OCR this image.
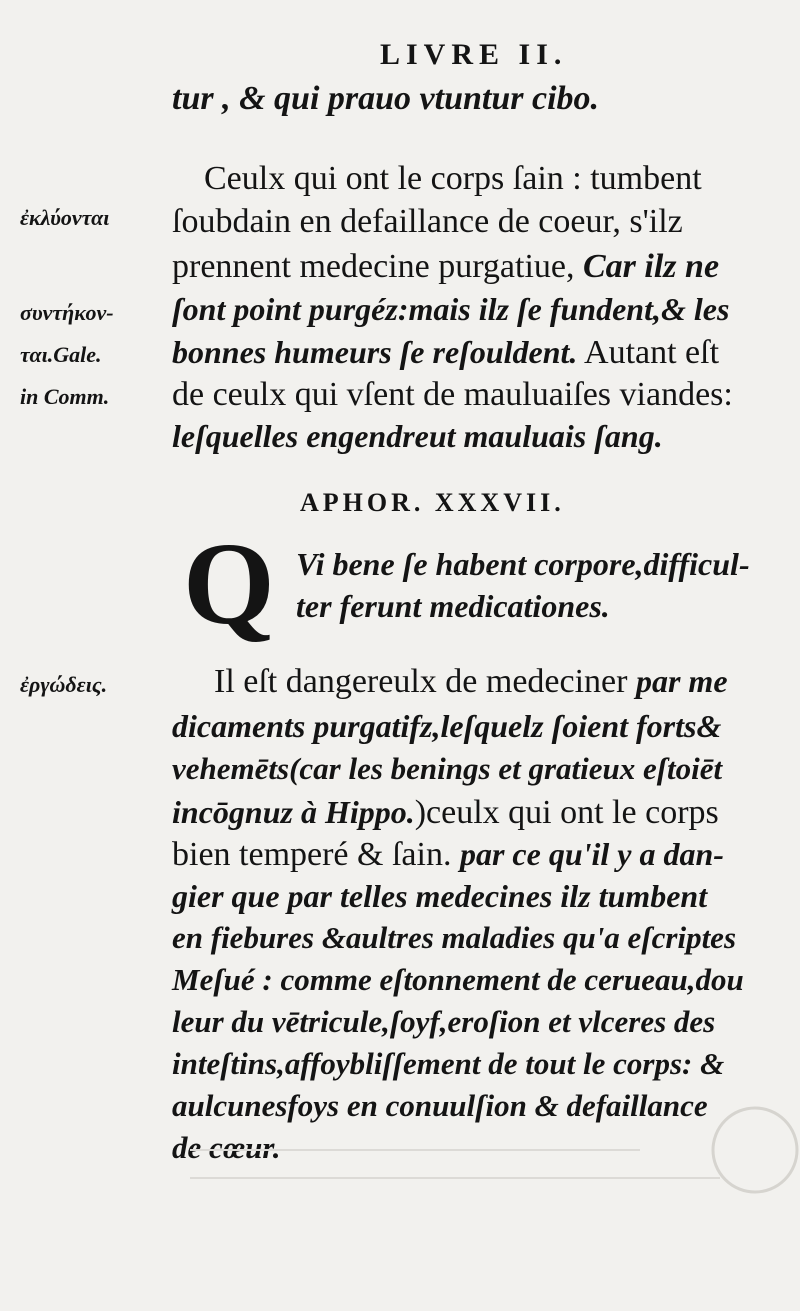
LIVRE II.
tur , & qui prauo vtuntur cibo.
Ceulx qui ont le corps ſain : tumbent
ἐκλύονται ſoubdain en defaillance de coeur, s'ilz
prennent medecine purgatiue, Car ilz ne
συντήκον- ſont point purgéz:mais ilz ſe fundent,& les
ται.Gale. bonnes humeurs ſe reſouldent. Autant eſt
in Comm. de ceulx qui vſent de mauluaiſes viandes:
leſquelles engendreut mauluais ſang.
APHOR. XXXVII.
Q Vi bene ſe habent corpore,difficul-
ter ferunt medicationes.
ἐργώδεις.	Il eſt dangereulx de medeciner par me
dicaments purgatifz,leſquelz ſoient forts&
vehemēts(car les benings et gratieux eſtoiēt
incōgnuz à Hippo.)ceulx qui ont le corps
bien temperé & ſain. par ce qu'il y a dan-
gier que par telles medecines ilz tumbent
en fiebures &aultres maladies qu'a eſcriptes
Meſué : comme eſtonnement de cerueau,dou
leur du vētricule,ſoyf,eroſion et vlceres des
inteſtins,affoybliſſement de tout le corps: &
aulcunesfoys en conuulſion & defaillance
de cœur.
